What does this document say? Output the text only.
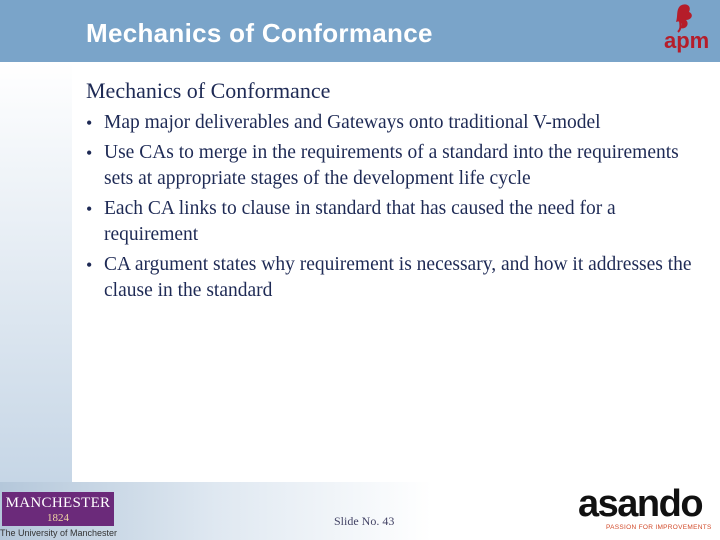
Mechanics of Conformance	apm
Mechanics of Conformance
• Map major deliverables and Gateways onto traditional V-model
• Use CAs to merge in the requirements of a standard into the requirements sets at appropriate stages of the development life cycle
• Each CA links to clause in standard that has caused the need for a requirement
• CA argument states why requirement is necessary, and how it addresses the clause in the standard
MANCHESTER
1824
The University of Manchester
Slide No. 43	asando
PASSION FOR IMPROVEMENTS
